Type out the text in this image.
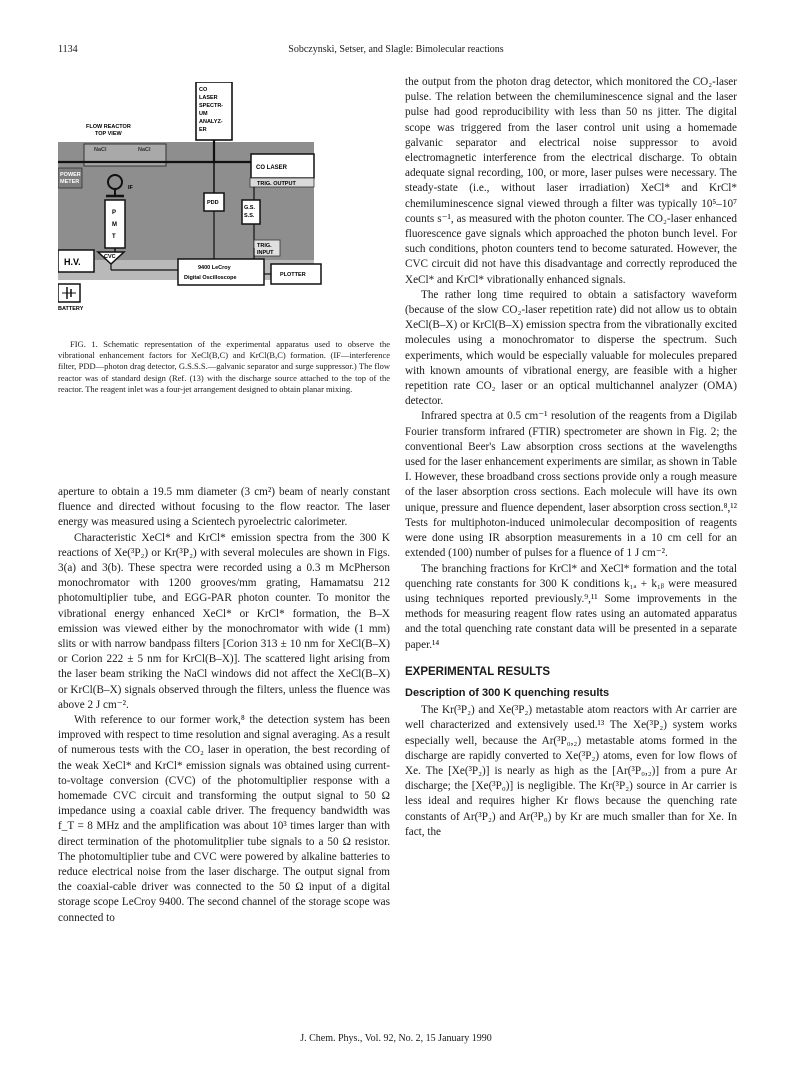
1134	Sobczynski, Setser, and Slagle: Bimolecular reactions
CO LASER SPECTR- UM ANALYZ- ER
FLOW REACTOR TOP VIEW
NaCl	NaCl
POWER METER
IF
CO LASER
TRIG. OUTPUT
P M T
PDD
G.S. S.S.
TRIG. INPUT
H.V.	CVC
9400 LeCroy Digital Oscilloscope	PLOTTER
BATTERY

FIG. 1. Schematic representation of the experimental apparatus used to observe the vibrational enhancement factors for XeCl(B,C) and KrCl(B,C) formation. (IF—interference filter, PDD—photon drag detector, G.S.S.S.—galvanic separator and surge suppressor.) The flow reactor was of standard design (Ref. (13) with the discharge source attached to the top of the reactor. The reagent inlet was a four-jet arrangement designed to obtain planar mixing.

aperture to obtain a 19.5 mm diameter (3 cm²) beam of nearly constant fluence and directed without focusing to the flow reactor. The laser energy was measured using a Scientech pyroelectric calorimeter.

Characteristic XeCl* and KrCl* emission spectra from the 300 K reactions of Xe(³P₂) or Kr(³P₂) with several molecules are shown in Figs. 3(a) and 3(b). These spectra were recorded using a 0.3 m McPherson monochromator with 1200 grooves/mm grating, Hamamatsu 212 photomultiplier tube, and EGG-PAR photon counter. To monitor the vibrational energy enhanced XeCl* or KrCl* formation, the B–X emission was viewed either by the monochromator with wide (1 mm) slits or with narrow bandpass filters [Corion 313 ± 10 nm for XeCl(B–X) or Corion 222 ± 5 nm for KrCl(B–X)]. The scattered light arising from the laser beam striking the NaCl windows did not affect the XeCl(B–X) or KrCl(B–X) signals observed through the filters, unless the fluence was above 2 J cm⁻².

With reference to our former work,⁸ the detection system has been improved with respect to time resolution and signal averaging. As a result of numerous tests with the CO₂ laser in operation, the best recording of the weak XeCl* and KrCl* emission signals was obtained using current-to-voltage conversion (CVC) of the photomultiplier response with a homemade CVC circuit and transforming the output signal to 50 Ω impedance using a coaxial cable driver. The frequency bandwidth was f_T = 8 MHz and the amplification was about 10³ times larger than with direct termination of the photomulitplier tube signals to a 50 Ω resistor. The photomultiplier tube and CVC were powered by alkaline batteries to reduce electrical noise from the laser discharge. The output signal from the coaxial-cable driver was connected to the 50 Ω input of a digital storage scope LeCroy 9400. The second channel of the storage scope was connected to

the output from the photon drag detector, which monitored the CO₂-laser pulse. The relation between the chemiluminescence signal and the laser pulse had good reproducibility with less than 50 ns jitter. The digital scope was triggered from the laser control unit using a homemade galvanic separator and electrical noise suppressor to avoid electromagnetic interference from the electrical discharge. To obtain adequate signal recording, 100, or more, laser pulses were necessary. The steady-state (i.e., without laser irradiation) XeCl* and KrCl* chemiluminescence signal viewed through a filter was typically 10⁵–10⁷ counts s⁻¹, as measured with the photon counter. The CO₂-laser enhanced fluorescence gave signals which approached the photon bunch level. For such conditions, photon counters tend to become saturated. However, the CVC circuit did not have this disadvantage and correctly reproduced the XeCl* and KrCl* vibrationally enhanced signals.

The rather long time required to obtain a satisfactory waveform (because of the slow CO₂-laser repetition rate) did not allow us to obtain XeCl(B–X) or KrCl(B–X) emission spectra from the vibrationally excited molecules using a monochromator to disperse the spectrum. Such experiments, which would be especially valuable for molecules prepared with known amounts of vibrational energy, are feasible with a higher repetition rate CO₂ laser or an optical multichannel analyzer (OMA) detector.

Infrared spectra at 0.5 cm⁻¹ resolution of the reagents from a Digilab Fourier transform infrared (FTIR) spectrometer are shown in Fig. 2; the conventional Beer's Law absorption cross sections at the wavelengths used for the laser enhancement experiments are similar, as shown in Table I. However, these broadband cross sections provide only a rough measure of the laser absorption cross sections. Each molecule will have its own unique, pressure and fluence dependent, laser absorption cross section.⁸,¹² Tests for multiphoton-induced unimolecular decomposition of reagents were done using IR absorption measurements in a 10 cm cell for an extended (100) number of pulses for a fluence of 1 J cm⁻².

The branching fractions for KrCl* and XeCl* formation and the total quenching rate constants for 300 K conditions k₁ₐ + k₁ᵦ were measured using techniques reported previously.⁹,¹¹ Some improvements in the methods for measuring reagent flow rates using an automated apparatus and the total quenching rate constant data will be presented in a separate paper.¹⁴

EXPERIMENTAL RESULTS
Description of 300 K quenching results

The Kr(³P₂) and Xe(³P₂) metastable atom reactors with Ar carrier are well characterized and extensively used.¹³ The Xe(³P₂) system works especially well, because the Ar(³P₀,₂) metastable atoms formed in the discharge are rapidly converted to Xe(³P₂) atoms, even for low flows of Xe. The [Xe(³P₂)] is nearly as high as the [Ar(³P₀,₂)] from a pure Ar discharge; the [Xe(³P₀)] is negligible. The Kr(³P₂) source in Ar carrier is less ideal and requires higher Kr flows because the quenching rate constants of Ar(³P₂) and Ar(³P₀) by Kr are much smaller than for Xe. In fact, the

J. Chem. Phys., Vol. 92, No. 2, 15 January 1990
